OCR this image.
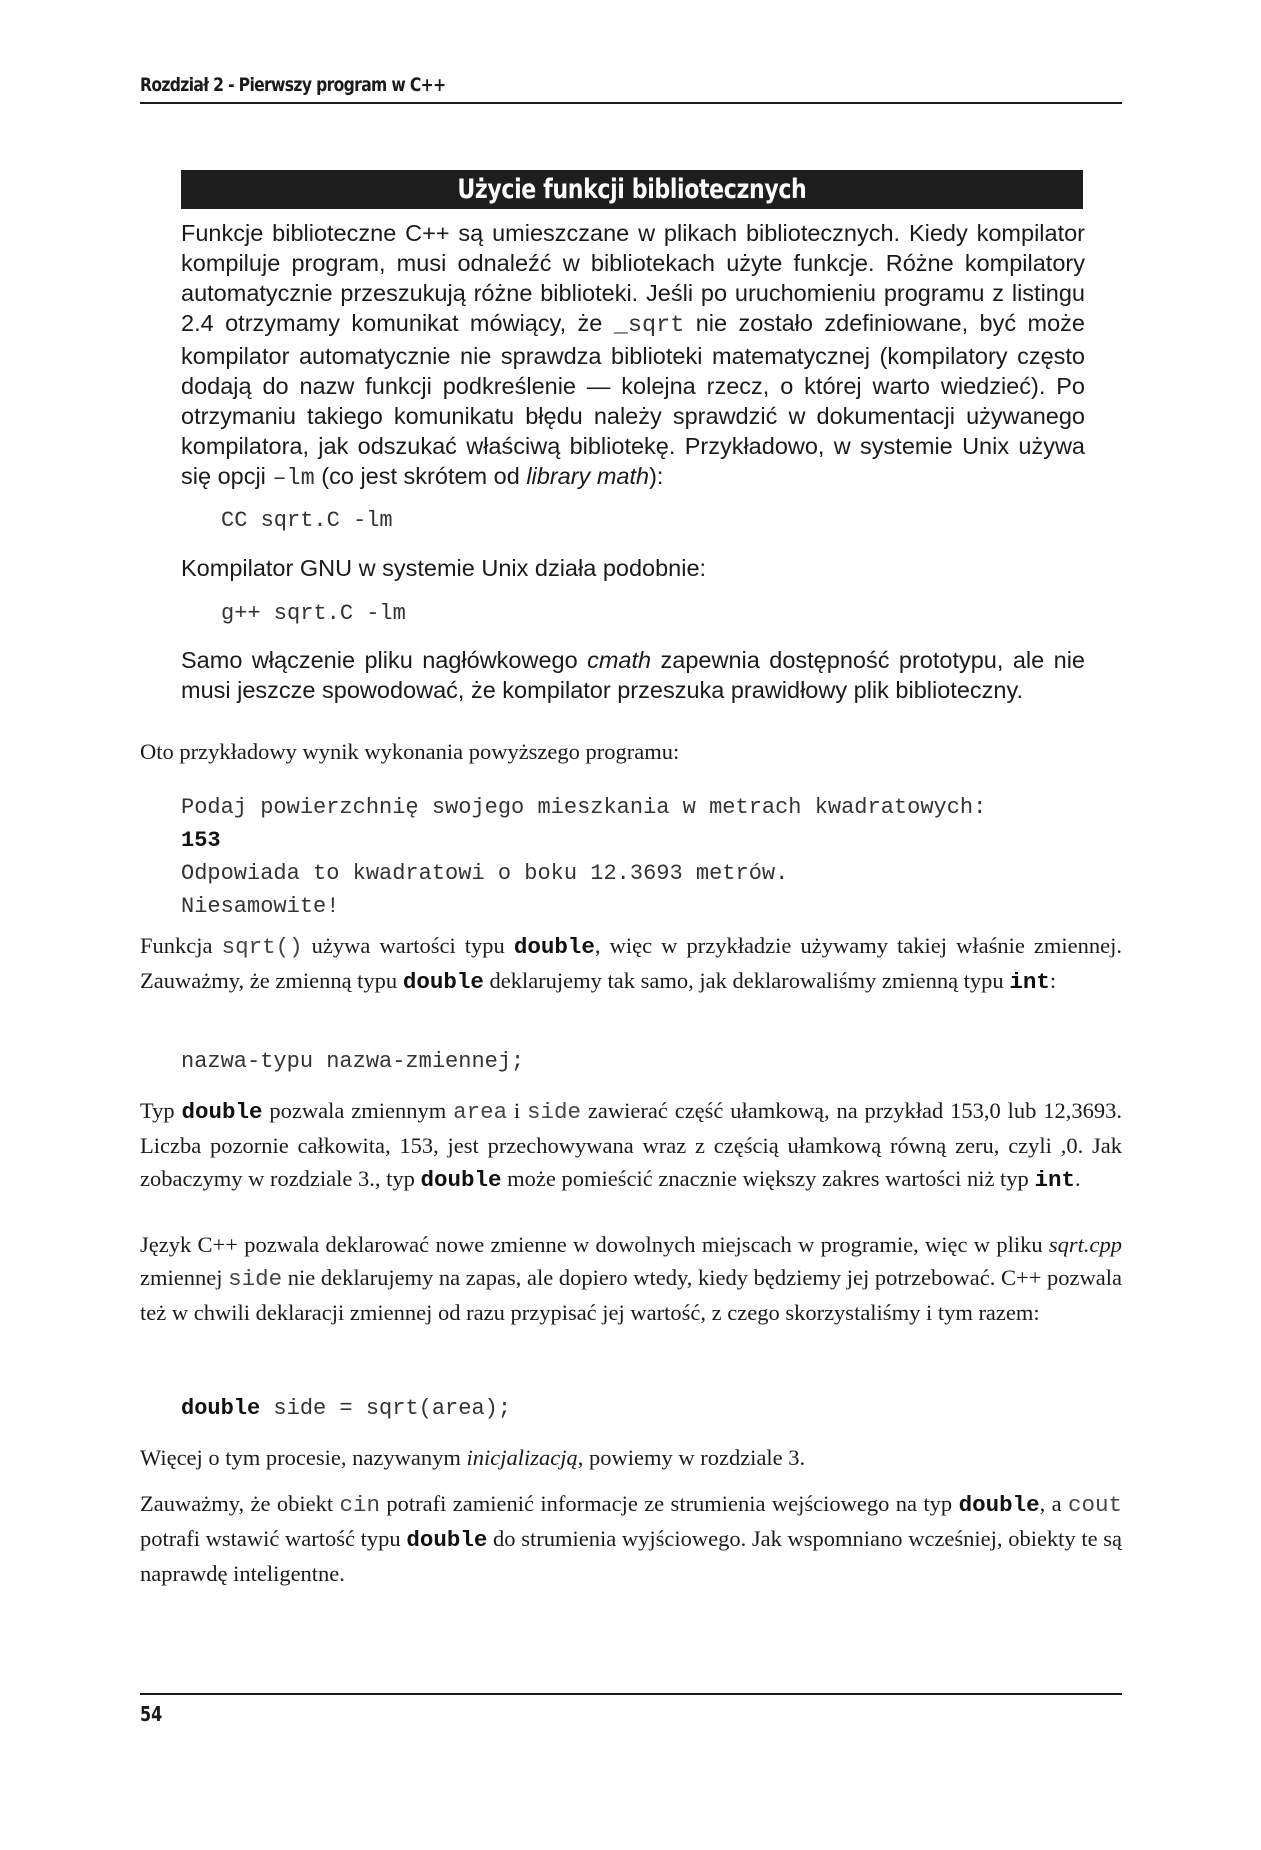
Rozdział 2 - Pierwszy program w C++
Użycie funkcji bibliotecznych

Funkcje biblioteczne C++ są umieszczane w plikach bibliotecznych. Kiedy kompilator kompiluje program, musi odnaleźć w bibliotekach użyte funkcje. Różne kompilatory automatycznie przeszukują różne biblioteki. Jeśli po uruchomieniu programu z listingu 2.4 otrzymamy komunikat mówiący, że _sqrt nie zostało zdefiniowane, być może kompilator automatycznie nie sprawdza biblioteki matematycznej (kompilatory często dodają do nazw funkcji podkreślenie — kolejna rzecz, o której warto wiedzieć). Po otrzymaniu takiego komunikatu błędu należy sprawdzić w dokumentacji używanego kompilatora, jak odszukać właściwą bibliotekę. Przykładowo, w systemie Unix używa się opcji –lm (co jest skrótem od library math):

CC sqrt.C -lm

Kompilator GNU w systemie Unix działa podobnie:

g++ sqrt.C -lm

Samo włączenie pliku nagłówkowego cmath zapewnia dostępność prototypu, ale nie musi jeszcze spowodować, że kompilator przeszuka prawidłowy plik biblioteczny.

Oto przykładowy wynik wykonania powyższego programu:

Podaj powierzchnię swojego mieszkania w metrach kwadratowych:
153
Odpowiada to kwadratowi o boku 12.3693 metrów.
Niesamowite!

Funkcja sqrt() używa wartości typu double, więc w przykładzie używamy takiej właśnie zmiennej. Zauważmy, że zmienną typu double deklarujemy tak samo, jak deklarowaliśmy zmienną typu int:

nazwa-typu nazwa-zmiennej;

Typ double pozwala zmiennym area i side zawierać część ułamkową, na przykład 153,0 lub 12,3693. Liczba pozornie całkowita, 153, jest przechowywana wraz z częścią ułamkową równą zeru, czyli ,0. Jak zobaczymy w rozdziale 3., typ double może pomieścić znacznie większy zakres wartości niż typ int.

Język C++ pozwala deklarować nowe zmienne w dowolnych miejscach w programie, więc w pliku sqrt.cpp zmiennej side nie deklarujemy na zapas, ale dopiero wtedy, kiedy będziemy jej potrzebować. C++ pozwala też w chwili deklaracji zmiennej od razu przypisać jej wartość, z czego skorzystaliśmy i tym razem:

double side = sqrt(area);

Więcej o tym procesie, nazywanym inicjalizacją, powiemy w rozdziale 3.

Zauważmy, że obiekt cin potrafi zamienić informacje ze strumienia wejściowego na typ double, a cout potrafi wstawić wartość typu double do strumienia wyjściowego. Jak wspomniano wcześniej, obiekty te są naprawdę inteligentne.

54
